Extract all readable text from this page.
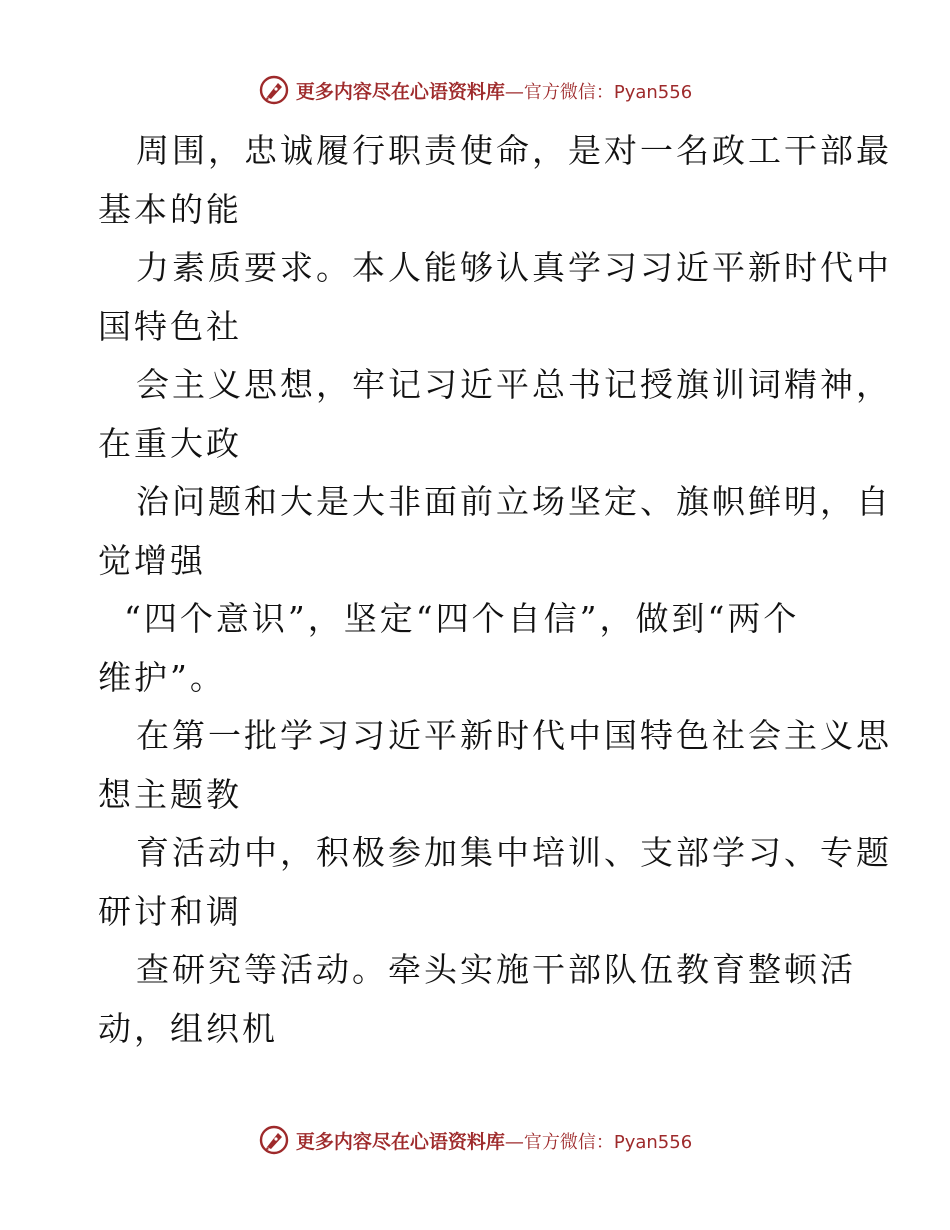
更多内容尽在心语资料库—官方微信：Pyan556
周围，忠诚履行职责使命，是对一名政工干部最
基本的能
力素质要求。本人能够认真学习习近平新时代中
国特色社
会主义思想，牢记习近平总书记授旗训词精神，
在重大政
治问题和大是大非面前立场坚定、旗帜鲜明，自
觉增强
“四个意识”，坚定“四个自信”，做到“两个
维护”。
在第一批学习习近平新时代中国特色社会主义思
想主题教
育活动中，积极参加集中培训、支部学习、专题
研讨和调
查研究等活动。牵头实施干部队伍教育整顿活
动，组织机
更多内容尽在心语资料库—官方微信：Pyan556
